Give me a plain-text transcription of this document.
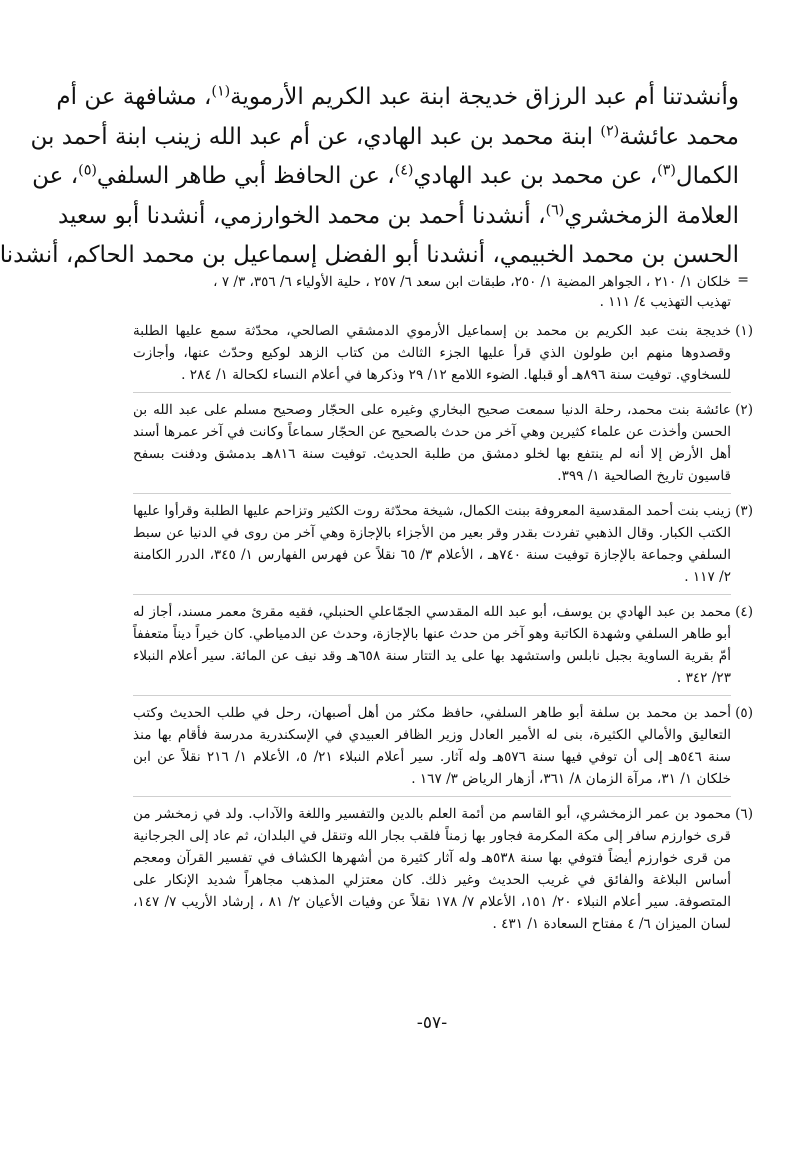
وأنشدتنا أم عبد الرزاق خديجة ابنة عبد الكريم الأرموية$^{(١)}$، مشافهة عن أم
محمد عائشة$^{(٢)}$ ابنة محمد بن عبد الهادي، عن أم عبد الله زينب ابنة أحمد بن
الكمال$^{(٣)}$، عن محمد بن عبد الهادي$^{(٤)}$، عن الحافظ أبي طاهر السلفي$^{(٥)}$، عن
العلامة الزمخشري$^{(٦)}$، أنشدنا أحمد بن محمد الخوارزمي، أنشدنا أبو سعيد
الحسن بن محمد الخبيمي، أنشدنا أبو الفضل إسماعيل بن محمد الحاكم، أنشدنا
=
خلكان ١/ ٢١٠ ، الجواهر المضية ١/ ٢٥٠، طبقات ابن سعد ٦/ ٢٥٧ ، حلية الأولياء ٦/ ٣٥٦، ٣/ ٧ ،
تهذيب التهذيب ٤/ ١١١ .
(١)
خديجة بنت عبد الكريم بن محمد بن إسماعيل الأرموي الدمشقي الصالحي، محدّثة سمع عليها الطلبة وقصدوها منهم ابن طولون الذي قرأ عليها الجزء الثالث من كتاب الزهد لوكيع وحدّث عنها، وأجازت للسخاوي. توفيت سنة ٨٩٦هـ أو قبلها. الضوء اللامع ١٢/ ٢٩ وذكرها في أعلام النساء لكحالة ١/ ٢٨٤ .
(٢)
عائشة بنت محمد، رحلة الدنيا سمعت صحيح البخاري وغيره على الحجّار وصحيح مسلم على عبد الله بن الحسن وأخذت عن علماء كثيرين وهي آخر من حدث بالصحيح عن الحجّار سماعاً وكانت في آخر عمرها أسند أهل الأرض إلا أنه لم ينتفع بها لخلو دمشق من طلبة الحديث. توفيت سنة ٨١٦هـ بدمشق ودفنت بسفح قاسيون تاريخ الصالحية ١/ ٣٩٩.
(٣)
زينب بنت أحمد المقدسية المعروفة ببنت الكمال، شيخة محدّثة روت الكثير وتزاحم عليها الطلبة وقرأوا عليها الكتب الكبار. وقال الذهبي تفردت بقدر وقر بعير من الأجزاء بالإجازة وهي آخر من روى في الدنيا عن سبط السلفي وجماعة بالإجازة توفيت سنة ٧٤٠هـ ، الأعلام ٣/ ٦٥ نقلاً عن فهرس الفهارس ١/ ٣٤٥، الدرر الكامنة ٢/ ١١٧ .
(٤)
محمد بن عبد الهادي بن يوسف، أبو عبد الله المقدسي الجمّاعلي الحنبلي، فقيه مقرئ معمر مسند، أجاز له أبو طاهر السلفي وشهدة الكاتبة وهو آخر من حدث عنها بالإجازة، وحدث عن الدمياطي. كان خيراً ديناً متعففاً أمّ بقرية الساوية بجبل نابلس واستشهد بها على يد التتار سنة ٦٥٨هـ وقد نيف عن المائة. سير أعلام النبلاء ٢٣/ ٣٤٢ .
(٥)
أحمد بن محمد بن سلفة أبو طاهر السلفي، حافظ مكثر من أهل أصبهان، رحل في طلب الحديث وكتب التعاليق والأمالي الكثيرة، بنى له الأمير العادل وزير الظافر العبيدي في الإسكندرية مدرسة فأقام بها منذ سنة ٥٤٦هـ إلى أن توفي فيها سنة ٥٧٦هـ وله آثار. سير أعلام النبلاء ٢١/ ٥، الأعلام ١/ ٢١٦ نقلاً عن ابن خلكان ١/ ٣١، مرآة الزمان ٨/ ٣٦١، أزهار الرياض ٣/ ١٦٧ .
(٦)
محمود بن عمر الزمخشري، أبو القاسم من أئمة العلم بالدين والتفسير واللغة والآداب. ولد في زمخشر من قرى خوارزم سافر إلى مكة المكرمة فجاور بها زمناً فلقب بجار الله وتنقل في البلدان، ثم عاد إلى الجرجانية من قرى خوارزم أيضاً فتوفي بها سنة ٥٣٨هـ وله آثار كثيرة من أشهرها الكشاف في تفسير القرآن ومعجم أساس البلاغة والفائق في غريب الحديث وغير ذلك. كان معتزلي المذهب مجاهراً شديد الإنكار على المتصوفة. سير أعلام النبلاء ٢٠/ ١٥١، الأعلام ٧/ ١٧٨ نقلاً عن وفيات الأعيان ٢/ ٨١ ، إرشاد الأريب ٧/ ١٤٧، لسان الميزان ٦/ ٤ مفتاح السعادة ١/ ٤٣١ .
-٥٧-
